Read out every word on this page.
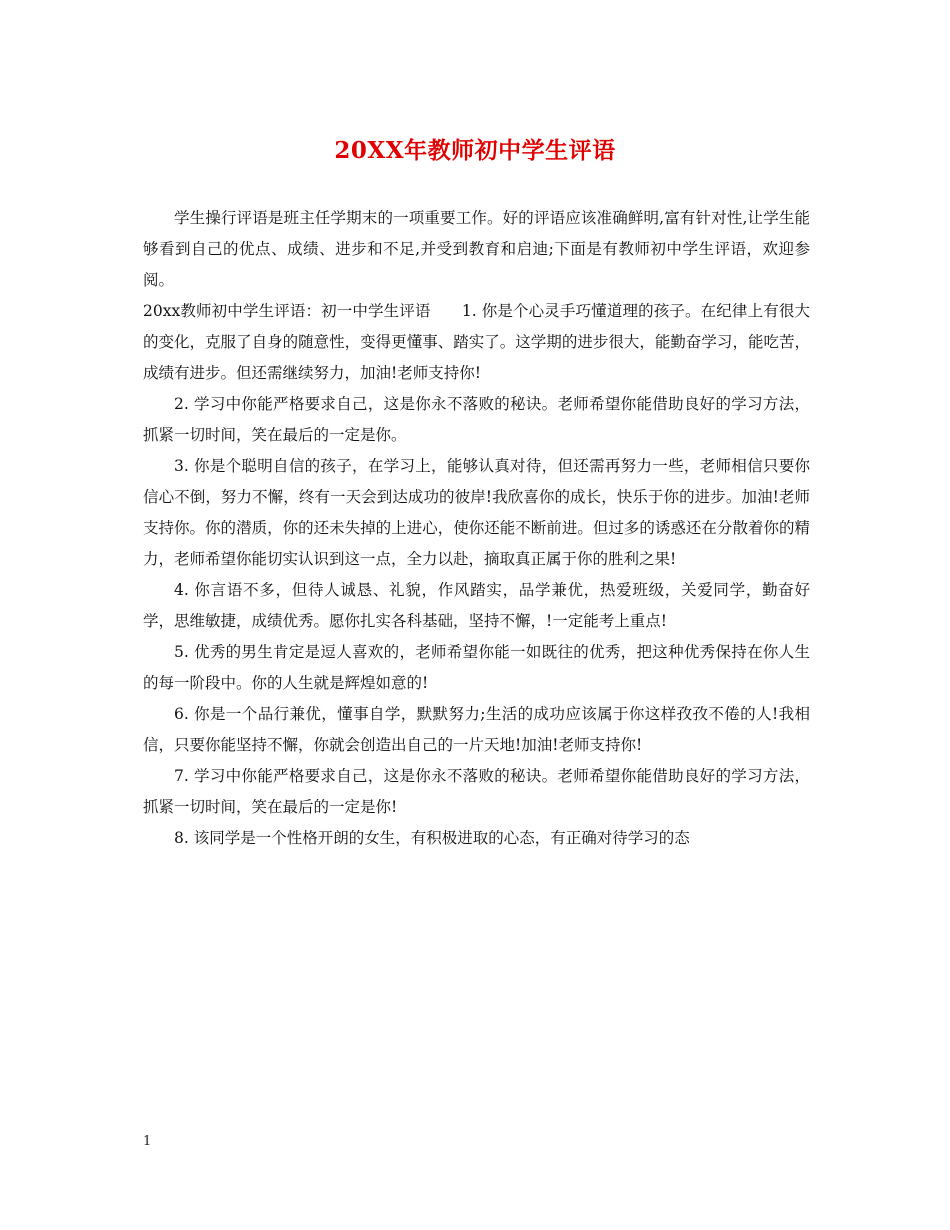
20XX年教师初中学生评语

学生操行评语是班主任学期末的一项重要工作。好的评语应该准确鲜明,富有针对性,让学生能够看到自己的优点、成绩、进步和不足,并受到教育和启迪;下面是有教师初中学生评语，欢迎参阅。

20xx教师初中学生评语：初一中学生评语　　1. 你是个心灵手巧懂道理的孩子。在纪律上有很大的变化，克服了自身的随意性，变得更懂事、踏实了。这学期的进步很大，能勤奋学习，能吃苦，成绩有进步。但还需继续努力，加油!老师支持你!

2. 学习中你能严格要求自己，这是你永不落败的秘诀。老师希望你能借助良好的学习方法，抓紧一切时间，笑在最后的一定是你。

3. 你是个聪明自信的孩子，在学习上，能够认真对待，但还需再努力一些，老师相信只要你信心不倒，努力不懈，终有一天会到达成功的彼岸!我欣喜你的成长，快乐于你的进步。加油!老师支持你。你的潜质，你的还未失掉的上进心，使你还能不断前进。但过多的诱惑还在分散着你的精力，老师希望你能切实认识到这一点，全力以赴，摘取真正属于你的胜利之果!

4. 你言语不多，但待人诚恳、礼貌，作风踏实，品学兼优，热爱班级，关爱同学，勤奋好学，思维敏捷，成绩优秀。愿你扎实各科基础，坚持不懈，!一定能考上重点!

5. 优秀的男生肯定是逗人喜欢的，老师希望你能一如既往的优秀，把这种优秀保持在你人生的每一阶段中。你的人生就是辉煌如意的!

6. 你是一个品行兼优，懂事自学，默默努力;生活的成功应该属于你这样孜孜不倦的人!我相信，只要你能坚持不懈，你就会创造出自己的一片天地!加油!老师支持你!

7. 学习中你能严格要求自己，这是你永不落败的秘诀。老师希望你能借助良好的学习方法，抓紧一切时间，笑在最后的一定是你!

8. 该同学是一个性格开朗的女生，有积极进取的心态，有正确对待学习的态

1
